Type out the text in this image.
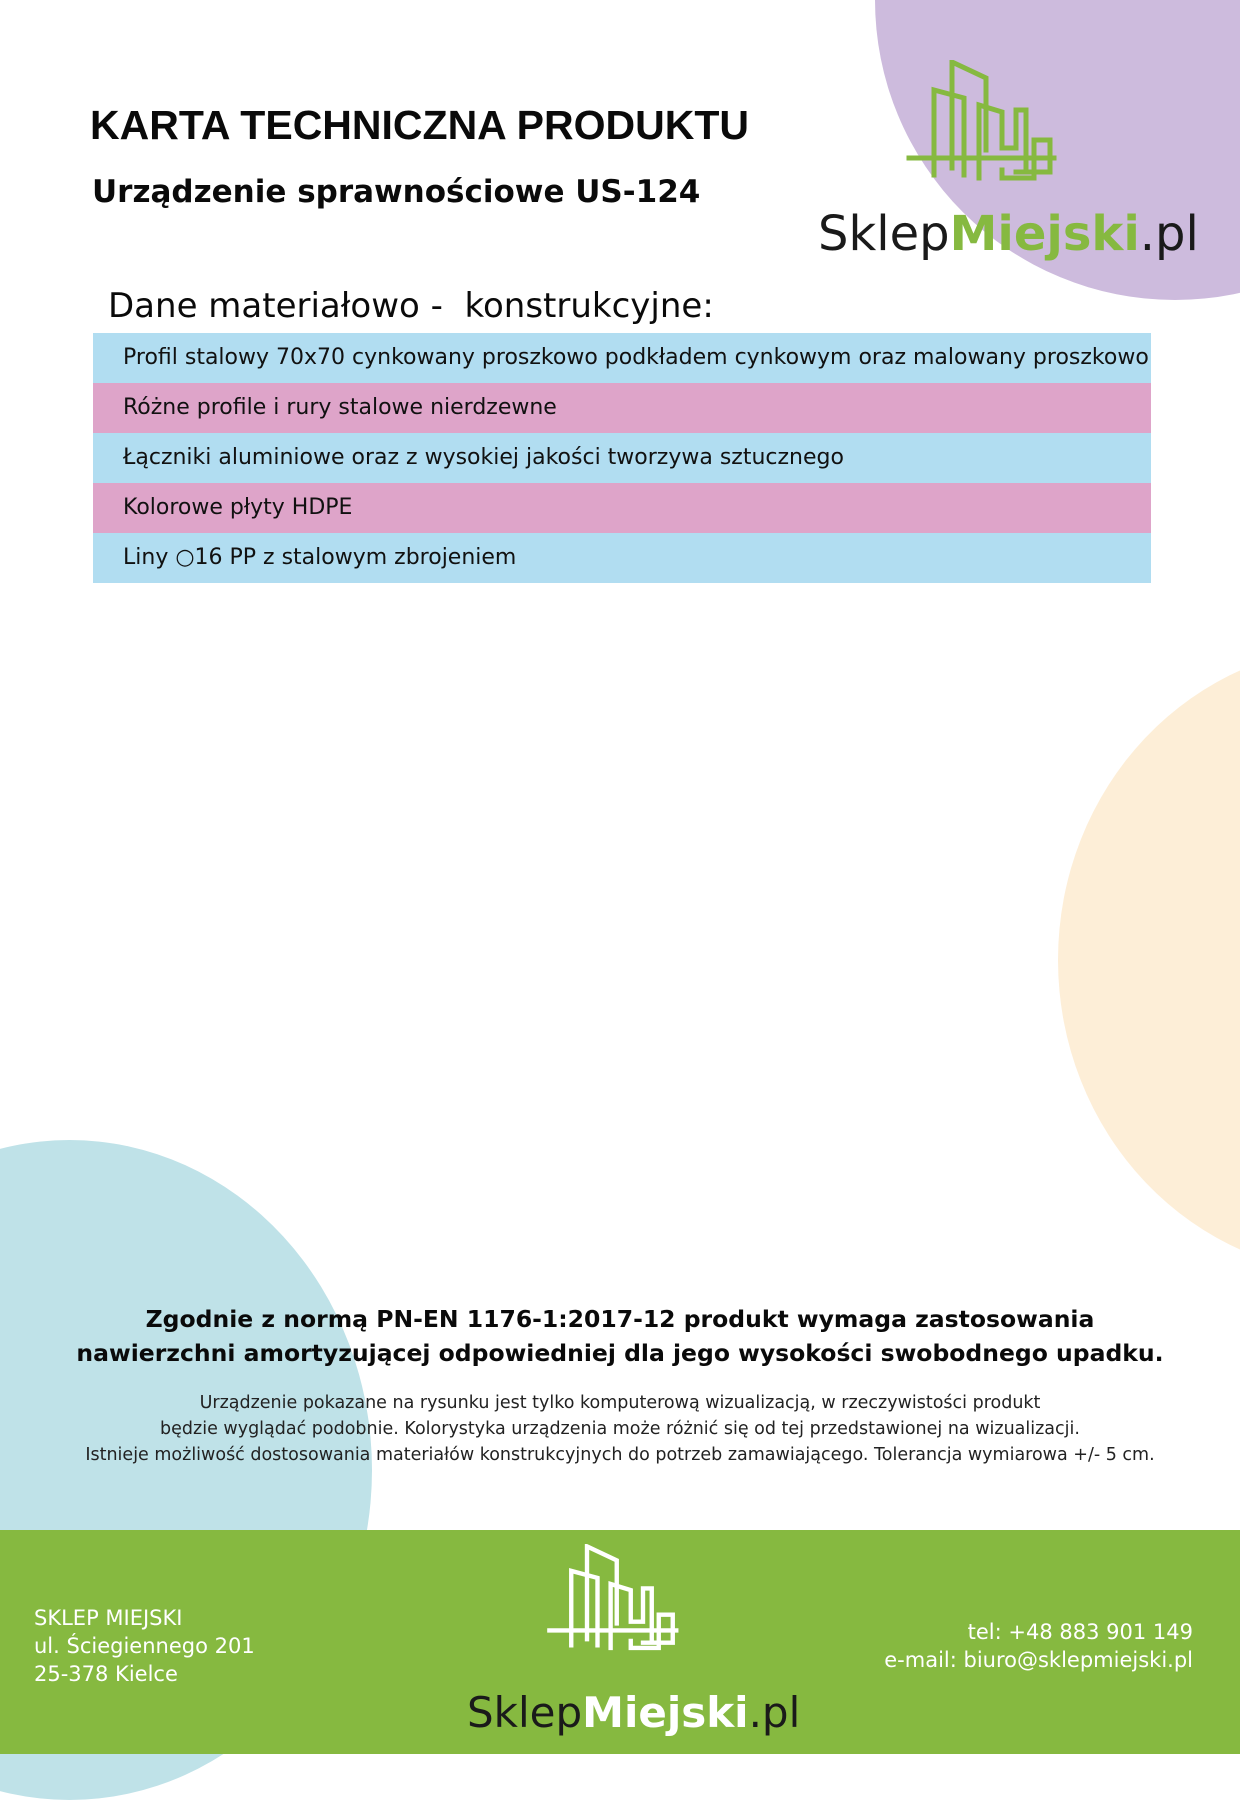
KARTA TECHNICZNA PRODUKTU
Urządzenie sprawnościowe US-124
SklepMiejski.pl
Dane materiałowo -  konstrukcyjne:
Profil stalowy 70x70 cynkowany proszkowo podkładem cynkowym oraz malowany proszkowo
Różne profile i rury stalowe nierdzewne
Łączniki aluminiowe oraz z wysokiej jakości tworzywa sztucznego
Kolorowe płyty HDPE
Liny ○16 PP z stalowym zbrojeniem

Zgodnie z normą PN-EN 1176-1:2017-12 produkt wymaga zastosowania
nawierzchni amortyzującej odpowiedniej dla jego wysokości swobodnego upadku.

Urządzenie pokazane na rysunku jest tylko komputerową wizualizacją, w rzeczywistości produkt
będzie wyglądać podobnie. Kolorystyka urządzenia może różnić się od tej przedstawionej na wizualizacji.
Istnieje możliwość dostosowania materiałów konstrukcyjnych do potrzeb zamawiającego. Tolerancja wymiarowa +/- 5 cm.

SKLEP MIEJSKI
ul. Ściegiennego 201
25-378 Kielce

SklepMiejski.pl

tel: +48 883 901 149
e-mail: biuro@sklepmiejski.pl
